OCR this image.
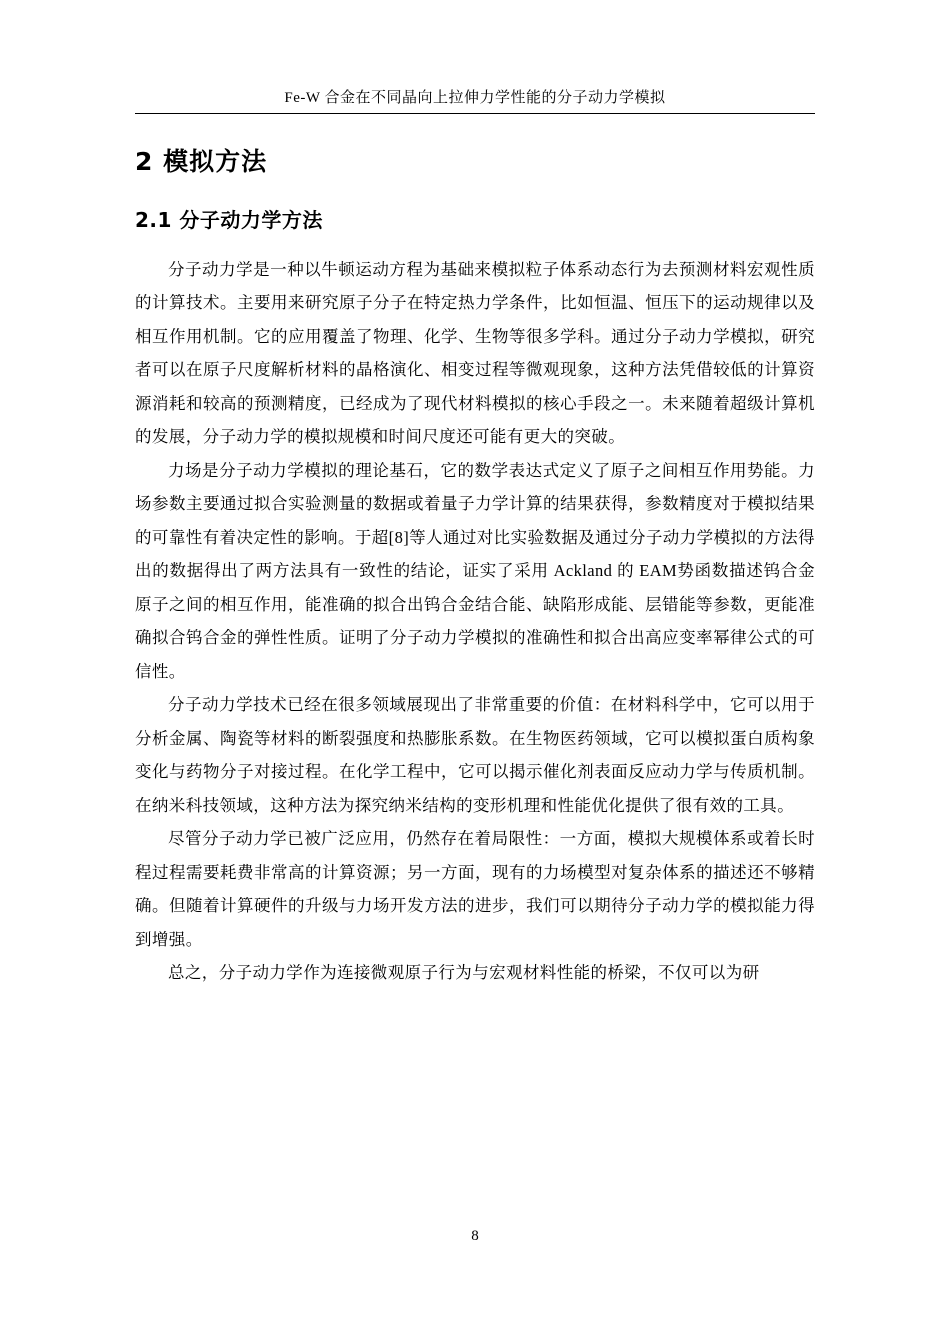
Fe-W 合金在不同晶向上拉伸力学性能的分子动力学模拟
2 模拟方法
2.1 分子动力学方法

分子动力学是一种以牛顿运动方程为基础来模拟粒子体系动态行为去预测材料宏观性质的计算技术。主要用来研究原子分子在特定热力学条件，比如恒温、恒压下的运动规律以及相互作用机制。它的应用覆盖了物理、化学、生物等很多学科。通过分子动力学模拟，研究者可以在原子尺度解析材料的晶格演化、相变过程等微观现象，这种方法凭借较低的计算资源消耗和较高的预测精度，已经成为了现代材料模拟的核心手段之一。未来随着超级计算机的发展，分子动力学的模拟规模和时间尺度还可能有更大的突破。

力场是分子动力学模拟的理论基石，它的数学表达式定义了原子之间相互作用势能。力场参数主要通过拟合实验测量的数据或着量子力学计算的结果获得，参数精度对于模拟结果的可靠性有着决定性的影响。于超[8]等人通过对比实验数据及通过分子动力学模拟的方法得出的数据得出了两方法具有一致性的结论，证实了采用 Ackland 的 EAM势函数描述钨合金原子之间的相互作用，能准确的拟合出钨合金结合能、缺陷形成能、层错能等参数，更能准确拟合钨合金的弹性性质。证明了分子动力学模拟的准确性和拟合出高应变率幂律公式的可信性。

分子动力学技术已经在很多领域展现出了非常重要的价值：在材料科学中，它可以用于分析金属、陶瓷等材料的断裂强度和热膨胀系数。在生物医药领域，它可以模拟蛋白质构象变化与药物分子对接过程。在化学工程中，它可以揭示催化剂表面反应动力学与传质机制。在纳米科技领域，这种方法为探究纳米结构的变形机理和性能优化提供了很有效的工具。

尽管分子动力学已被广泛应用，仍然存在着局限性：一方面，模拟大规模体系或着长时程过程需要耗费非常高的计算资源；另一方面，现有的力场模型对复杂体系的描述还不够精确。但随着计算硬件的升级与力场开发方法的进步，我们可以期待分子动力学的模拟能力得到增强。

总之，分子动力学作为连接微观原子行为与宏观材料性能的桥梁，不仅可以为研

8
